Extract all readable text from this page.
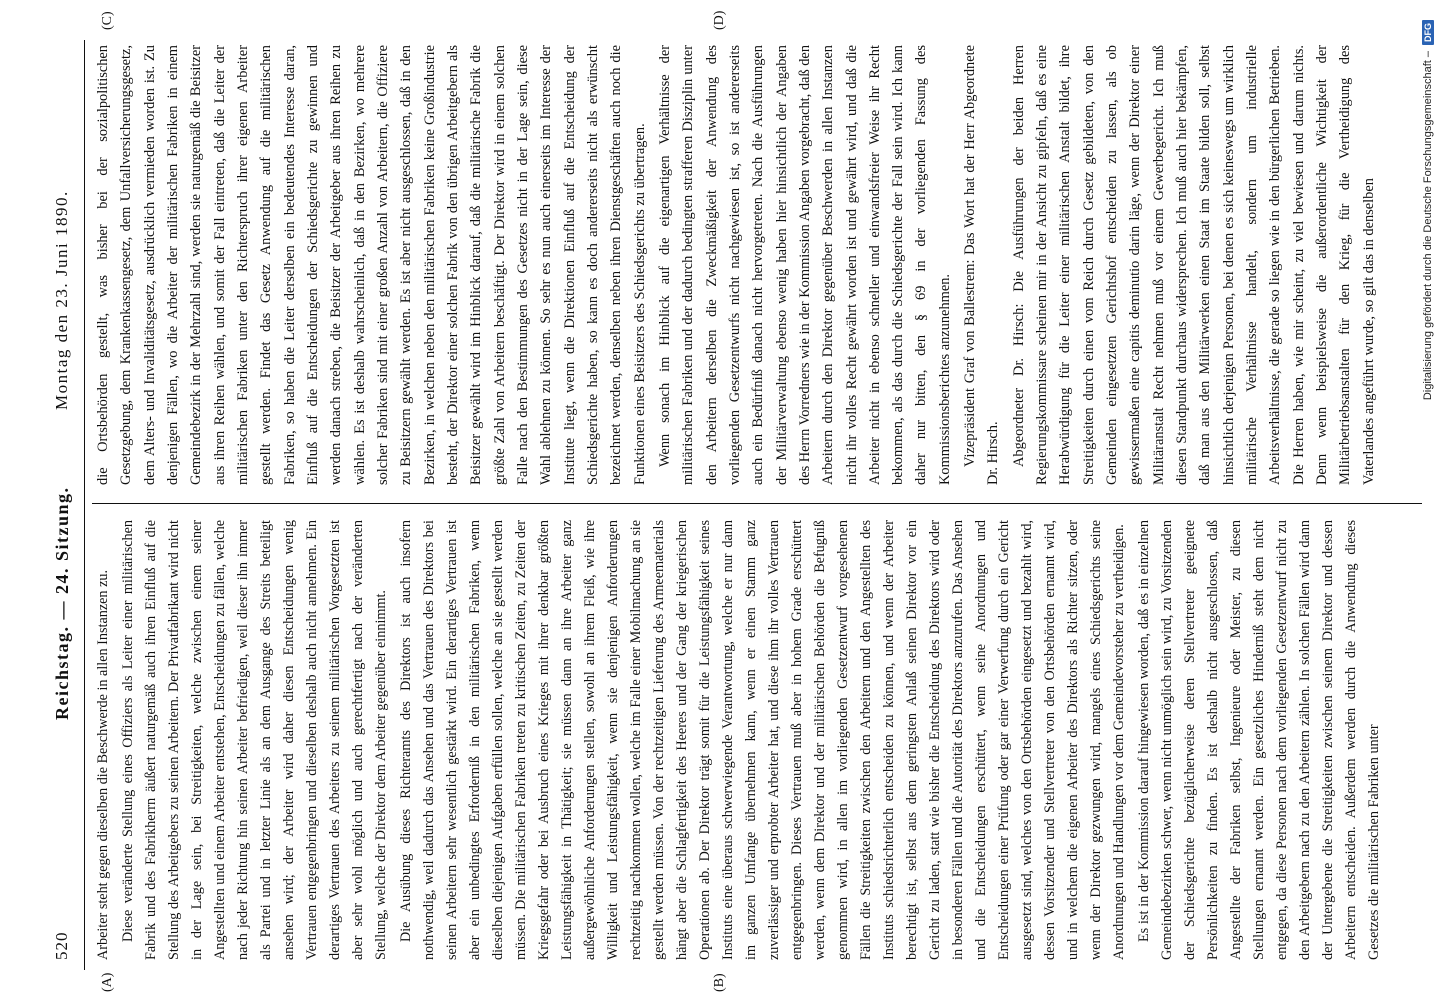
520
Reichstag. — 24. Sitzung.
Montag den 23. Juni 1890.
(A)	(B)
(C)	(D)

Arbeiter steht gegen dieselben die Beschwerde in allen Instanzen zu. Diese veränderte Stellung eines Offiziers als Leiter einer militärischen Fabrik und des Fabrikherrn äußert naturgemäß auch ihren Einfluß auf die Stellung des Arbeitgebers zu seinen Arbeitern. Der Privatfabrikant wird nicht in der Lage sein, bei Streitigkeiten, welche zwischen einem seiner Angestellten und einem Arbeiter entstehen, Entscheidungen zu fällen, welche nach jeder Richtung hin seinen Arbeiter befriedigen, weil dieser ihn immer als Partei und in letzter Linie als an dem Ausgange des Streits beteiligt ansehen wird; der Arbeiter wird daher diesen Entscheidungen wenig Vertrauen entgegenbringen und dieselben deshalb auch nicht annehmen. Ein derartiges Vertrauen des Arbeiters zu seinem militärischen Vorgesetzten ist aber sehr wohl möglich und auch gerechtfertigt nach der veränderten Stellung, welche der Direktor dem Arbeiter gegenüber einnimmt. Die Ausübung dieses Richteramts des Direktors ist auch insofern nothwendig, weil dadurch das Ansehen und das Vertrauen des Direktors bei seinen Arbeitern sehr wesentlich gestärkt wird. Ein derartiges Vertrauen ist aber ein unbedingtes Erforderniß in den militärischen Fabriken, wenn dieselben diejenigen Aufgaben erfüllen sollen, welche an sie gestellt werden müssen. Die militärischen Fabriken treten zu kritischen Zeiten, zu Zeiten der Kriegsgefahr oder bei Ausbruch eines Krieges mit ihrer denkbar größten Leistungsfähigkeit in Thätigkeit; sie müssen dann an ihre Arbeiter ganz außergewöhnliche Anforderungen stellen, sowohl an ihrem Fleiß, wie ihre Willigkeit und Leistungsfähigkeit, wenn sie denjenigen Anforderungen rechtzeitig nachkommen wollen, welche im Falle einer Mobilmachung an sie gestellt werden müssen. Von der rechtzeitigen Lieferung des Armeematerials hängt aber die Schlagfertigkeit des Heeres und der Gang der kriegerischen Operationen ab. Der Direktor trägt somit für die Leistungsfähigkeit seines Instituts eine überaus schwerwiegende Verantwortung, welche er nur dann im ganzen Umfange übernehmen kann, wenn er einen Stamm ganz zuverlässiger und erprobter Arbeiter hat, und diese ihm ihr volles Vertrauen entgegenbringen. Dieses Vertrauen muß aber in hohem Grade erschüttert werden, wenn dem Direktor und der militärischen Behörden die Befugniß genommen wird, in allen im vorliegenden Gesetzentwurf vorgesehenen Fällen die Streitigkeiten zwischen den Arbeitern und den Angestellten des Instituts schiedsrichterlich entscheiden zu können, und wenn der Arbeiter berechtigt ist, selbst aus dem geringsten Anlaß seinen Direktor vor ein Gericht zu laden, statt wie bisher die Entscheidung des Direktors wird oder in besonderen Fällen und die Autorität des Direktors anzurufen. Das Ansehen und die Entscheidungen erschüttert, wenn seine Anordnungen und Entscheidungen einer Prüfung oder gar einer Verwerfung durch ein Gericht ausgesetzt sind, welches von den Ortsbehörden eingesetzt und bezahlt wird, dessen Vorsitzender und Stellvertreter von den Ortsbehörden ernannt wird, und in welchem die eigenen Arbeiter des Direktors als Richter sitzen, oder wenn der Direktor gezwungen wird, mangels eines Schiedsgerichts seine Anordnungen und Handlungen vor dem Gemeindevorsteher zu vertheidigen. Es ist in der Kommission darauf hingewiesen worden, daß es in einzelnen Gemeindebezirken schwer, wenn nicht unmöglich sein wird, zu Vorsitzenden der Schiedsgerichte bezüglicherweise deren Stellvertreter geeignete Persönlichkeiten zu finden. Es ist deshalb nicht ausgeschlossen, daß Angestellte der Fabriken selbst, Ingenieure oder Meister, zu diesen Stellungen ernannt werden. Ein gesetzliches Hinderniß steht dem nicht entgegen, da diese Personen nach dem vorliegenden Gesetzentwurf nicht zu den Arbeitgebern nach zu den Arbeitern zählen. In solchen Fällen wird dann der Untergebene die Streitigkeiten zwischen seinem Direktor und dessen Arbeitern entscheiden. Außerdem werden durch die Anwendung dieses Gesetzes die militärischen Fabriken unter

die Ortsbehörden gestellt, was bisher bei der sozialpolitischen Gesetzgebung, dem Krankenkassengesetz, dem Unfallversicherungsgesetz, dem Alters- und Invaliditätsgesetz, ausdrücklich vermieden worden ist. Zu denjenigen Fällen, wo die Arbeiter der militärischen Fabriken in einem Gemeindebezirk in der Mehrzahl sind, werden sie naturgemäß die Beisitzer aus ihren Reihen wählen, und somit der Fall eintreten, daß die Leiter der militärischen Fabriken unter den Richterspruch ihrer eigenen Arbeiter gestellt werden. Findet das Gesetz Anwendung auf die militärischen Fabriken, so haben die Leiter derselben ein bedeutendes Interesse daran, Einfluß auf die Entscheidungen der Schiedsgerichte zu gewinnen und werden danach streben, die Beisitzer der Arbeitgeber aus ihren Reihen zu wählen. Es ist deshalb wahrscheinlich, daß in den Bezirken, wo mehrere solcher Fabriken sind mit einer großen Anzahl von Arbeitern, die Offiziere zu Beisitzern gewählt werden. Es ist aber nicht ausgeschlossen, daß in den Bezirken, in welchen neben den militärischen Fabriken keine Großindustrie besteht, der Direktor einer solchen Fabrik von den übrigen Arbeitgebern als Beisitzer gewählt wird im Hinblick darauf, daß die militärische Fabrik die größte Zahl von Arbeitern beschäftigt. Der Direktor wird in einem solchen Falle nach den Bestimmungen des Gesetzes nicht in der Lage sein, diese Wahl ablehnen zu können. So sehr es nun auch einerseits im Interesse der Institute liegt, wenn die Direktionen Einfluß auf die Entscheidung der Schiedsgerichte haben, so kann es doch andererseits nicht als erwünscht bezeichnet werden, denselben neben ihren Dienstgeschäften auch noch die Funktionen eines Beisitzers des Schiedsgerichts zu übertragen. Wenn sonach im Hinblick auf die eigenartigen Verhältnisse der militärischen Fabriken und der dadurch bedingten strafferen Disziplin unter den Arbeitern derselben die Zweckmäßigkeit der Anwendung des vorliegenden Gesetzentwurfs nicht nachgewiesen ist, so ist andererseits auch ein Bedürfniß danach nicht hervorgetreten. Nach die Ausführungen der Militärverwaltung ebenso wenig haben hier hinsichtlich der Angaben des Herrn Vorredners wie in der Kommission Angaben vorgebracht, daß den Arbeitern durch den Direktor gegenüber Beschwerden in allen Instanzen nicht ihr volles Recht gewährt worden ist und gewährt wird, und daß die Arbeiter nicht in ebenso schneller und einwandsfreier Weise ihr Recht bekommen, als das durch die Schiedsgerichte der Fall sein wird. Ich kann daher nur bitten, den § 69 in der vorliegenden Fassung des Kommissionsberichtes anzunehmen. Vizepräsident Graf von Ballestrem: Das Wort hat der Herr Abgeordnete Dr. Hirsch. Abgeordneter Dr. Hirsch: Die Ausführungen der beiden Herren Regierungskommissare scheinen mir in der Ansicht zu gipfeln, daß es eine Herabwürdigung für die Leiter einer militärischen Anstalt bildet, ihre Streitigkeiten durch einen vom Reich durch Gesetz gebildeten, von den Gemeinden eingesetzten Gerichtshof entscheiden zu lassen, als ob gewissermaßen eine capitis deminutio darin läge, wenn der Direktor einer Militäranstalt Recht nehmen muß vor einem Gewerbegericht. Ich muß diesen Standpunkt durchaus widersprechen. Ich muß auch hier bekämpfen, daß man aus den Militärwerken einen Staat im Staate bilden soll, selbst hinsichtlich derjenigen Personen, bei denen es sich keineswegs um wirklich militärische Verhältnisse handelt, sondern um industrielle Arbeitsverhältnisse, die gerade so liegen wie in den bürgerlichen Betrieben. Die Herren haben, wie mir scheint, zu viel bewiesen und darum nichts. Denn wenn beispielsweise die außerordentliche Wichtigkeit der Militärbetriebsanstalten für den Krieg, für die Vertheidigung des Vaterlandes angeführt wurde, so gilt das in denselben	Digitalisierung gefördert durch die Deutsche Forschungsgemeinschaft –
DFG
